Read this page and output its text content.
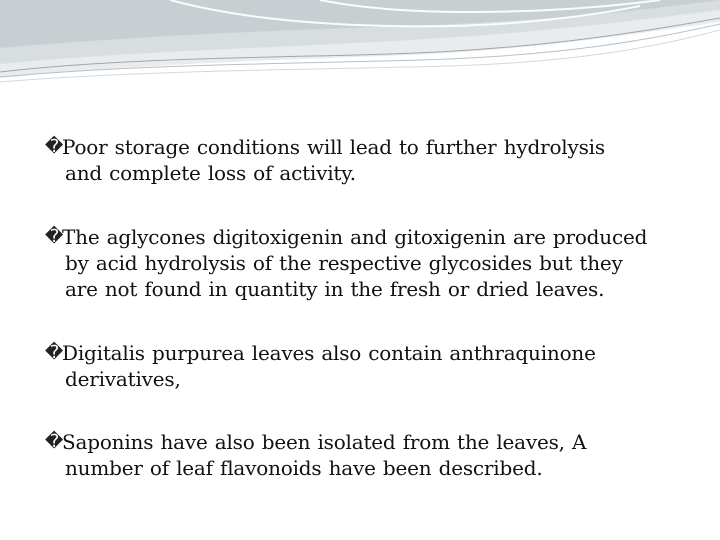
�
Poor storage conditions will lead to further hydrolysis
and complete loss of activity.
�
The aglycones digitoxigenin and gitoxigenin are produced
by acid hydrolysis of the respective glycosides but they
are not found in quantity in the fresh or dried leaves.
�
Digitalis purpurea leaves also contain anthraquinone
derivatives,
�
Saponins have also been isolated from the leaves, A
number of leaf flavonoids have been described.
